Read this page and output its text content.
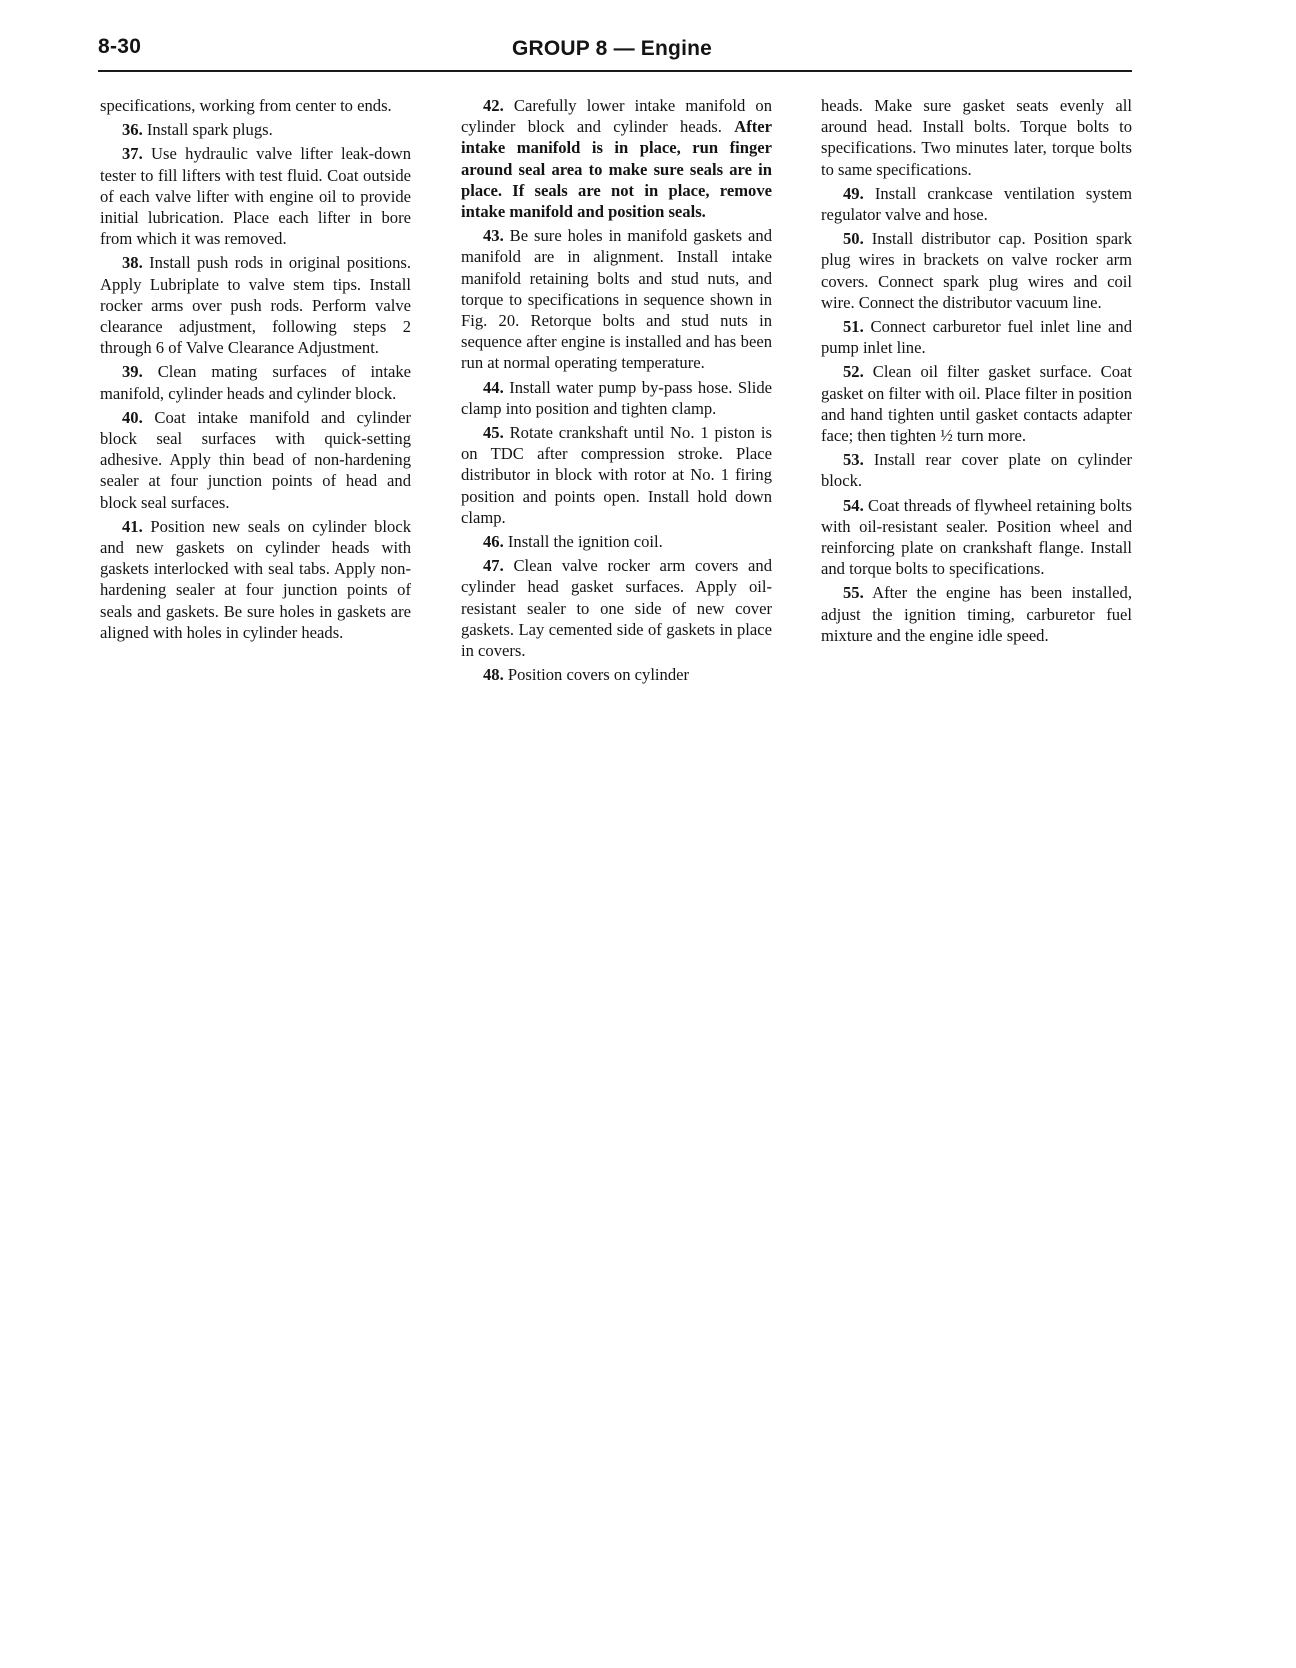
8-30	GROUP 8 — Engine

specifications, working from center to ends.

36. Install spark plugs.

37. Use hydraulic valve lifter leak-down tester to fill lifters with test fluid. Coat outside of each valve lifter with engine oil to provide initial lubrication. Place each lifter in bore from which it was removed.

38. Install push rods in original positions. Apply Lubriplate to valve stem tips. Install rocker arms over push rods. Perform valve clearance adjustment, following steps 2 through 6 of Valve Clearance Adjustment.

39. Clean mating surfaces of intake manifold, cylinder heads and cylinder block.

40. Coat intake manifold and cylinder block seal surfaces with quick-setting adhesive. Apply thin bead of non-hardening sealer at four junction points of head and block seal surfaces.

41. Position new seals on cylinder block and new gaskets on cylinder heads with gaskets interlocked with seal tabs. Apply non-hardening sealer at four junction points of seals and gaskets. Be sure holes in gaskets are aligned with holes in cylinder heads.

42. Carefully lower intake manifold on cylinder block and cylinder heads. After intake manifold is in place, run finger around seal area to make sure seals are in place. If seals are not in place, remove intake manifold and position seals.

43. Be sure holes in manifold gaskets and manifold are in alignment. Install intake manifold retaining bolts and stud nuts, and torque to specifications in sequence shown in Fig. 20. Retorque bolts and stud nuts in sequence after engine is installed and has been run at normal operating temperature.

44. Install water pump by-pass hose. Slide clamp into position and tighten clamp.

45. Rotate crankshaft until No. 1 piston is on TDC after compression stroke. Place distributor in block with rotor at No. 1 firing position and points open. Install hold down clamp.

46. Install the ignition coil.

47. Clean valve rocker arm covers and cylinder head gasket surfaces. Apply oil-resistant sealer to one side of new cover gaskets. Lay cemented side of gaskets in place in covers.

48. Position covers on cylinder

heads. Make sure gasket seats evenly all around head. Install bolts. Torque bolts to specifications. Two minutes later, torque bolts to same specifications.

49. Install crankcase ventilation system regulator valve and hose.

50. Install distributor cap. Position spark plug wires in brackets on valve rocker arm covers. Connect spark plug wires and coil wire. Connect the distributor vacuum line.

51. Connect carburetor fuel inlet line and pump inlet line.

52. Clean oil filter gasket surface. Coat gasket on filter with oil. Place filter in position and hand tighten until gasket contacts adapter face; then tighten ½ turn more.

53. Install rear cover plate on cylinder block.

54. Coat threads of flywheel retaining bolts with oil-resistant sealer. Position wheel and reinforcing plate on crankshaft flange. Install and torque bolts to specifications.

55. After the engine has been installed, adjust the ignition timing, carburetor fuel mixture and the engine idle speed.
